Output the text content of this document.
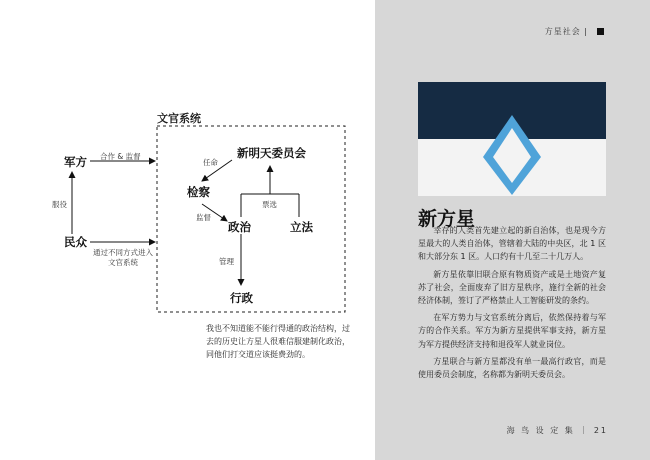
文官系统
军方
民众
新明天委员会
检察
政治	立法
行政
合作 & 监督
服役
通过不同方式进入
文官系统
任命
票选
监督
管理
我也不知道能不能行得通的政治结构，过去的历史让方星人很难信服建制化政治，同他们打交道应该挺费劲的。
方星社会 |
新方星

幸存的人类首先建立起的新自治体，也是现今方星最大的人类自治体，管辖着大陆的中央区，北 1 区和大部分东 1 区。人口约有十几至二十几万人。

新方星依靠旧联合原有物质资产或是土地资产复苏了社会，全面废弃了旧方星秩序，施行全新的社会经济体制，签订了严格禁止人工智能研发的条约。

在军方势力与文官系统分离后，依然保持着与军方的合作关系。军方为新方星提供军事支持，新方星为军方提供经济支持和退役军人就业岗位。

方星联合与新方星都没有单一最高行政官，而是使用委员会制度，名称都为新明天委员会。

海 鸟 设 定 集 ｜ 21
